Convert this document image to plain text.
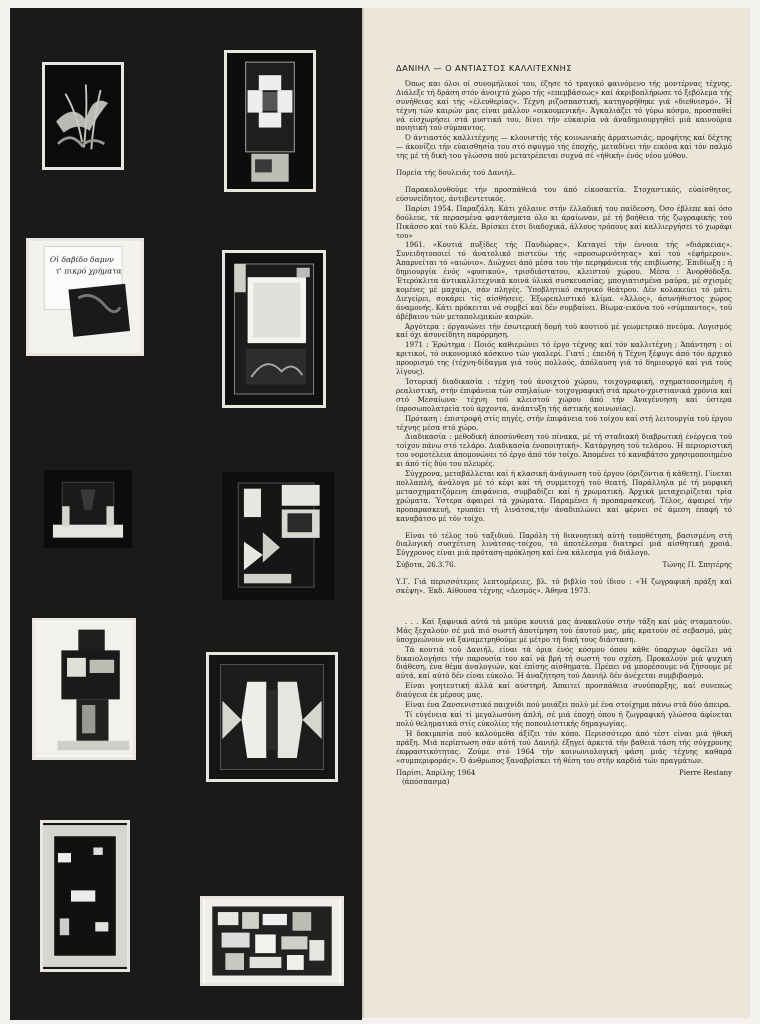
Οἱ δαβίδο δαμνν
τ' πικρό χρήματα
ΔΑΝΙΗΛ — Ο ΑΝΤΙΑΣΤΟΣ ΚΑΛΛΙΤΕΧΝΗΣ

Όπως και όλοι οί συνομήλικοί του, έζησε τό τραγικό φαινόμενο τής μοντέρνας τέχνης. Διάλεξε τή δράση στόν άνοιχτό χώρο τής «επεμβάσεως» καί άκριβοπλήρωσε τό ξεβόλεμα τής συνήθειας καί τής «έλευθερίας». Τέχνη ριζοσπαστική, κατηγορήθηκε γιά «διεθνισμό». Ή τέχνη τών καιρών μας είναι μάλλον «οικουμενική». Άγκαλιάζει τό γύρω κόσμο, προσπαθεί νά είσχωρήσει στά μυστικά του, δίνει τήν εύκαιρία νά άναδημιουργηθεί μιά καινούρια ποιητική τού σύμπαντος.

Ό άντιαστός καλλιτέχνης — κλονιστής τής κοινωνικής άρματωσιάς, προφήτης καί δέχτης — άκονίζει τήν εύαισθησία του στό σφυγμό τής έποχής, μεταδίνει τήν εικόνα καί τόν παλμό της μέ τή δική του γλώσσα πού μετατρέπεται συχνά σέ «ήθική» ένός νέου μύθου.

Πορεία τής δουλειάς τού Δανιήλ.

Παρακολουθούμε τήν προσπάθειά του άπό είκοσαετία. Στοχαστικός, εύαίσθητος, εύσυνείδητος, άντιβεντετικός.

Παρίσι 1954. Παραζάλη. Κάτι χόλαινε στήν έλλαδική του παίδευση. Όσο έβλεπε καί όσο δούλευε, τά περασμένα φαντάσματα όλο κι άραίωναν, μέ τή βοήθεια τής ζωγραφικής τού Πικάσσο καί τού Κλέε. Βρίσκει έτσι διαδοχικά, άλλους τρόπους καί καλλιεργήσει τό χωράφι του»

1961. «Κουτιά πυξίδες τής Πανδώρας». Καταγεί τήν έννοια τής «διάρκειας». Συνειδητοποιεί τό άνατολικό πιστεύω τής «προσωρινότητας» καί τού «έφήμερου». Άπαρνείται τό «αιώνιο». Διώχνει άπό μέσα του τήν περηφάνεια τής επιβίωσης. Έπιδίωξη : ή δημιουργία ένός «φυσικού», τρισδιάστατου, κλειστού χώρου. Μέσα : Άνορθόδοξα. Έτερόκλιτα άντικαλλιτεχνικά κοινά ύλικά συσκευασίας, μπογιατισμένα μαύρα, μέ σχισμές κομένες μέ μαχαίρι, σάν πληγές. Ύποβλητικό σκηνικό θεάτρου. Δέν κολακεύει τό μάτι. Διεγείρει, σοκάρει τίς αίσθήσεις. Έξωρεαλιστικό κλίμα. «Άλλος», άσυνήθιστος χώρος άναμονής. Κάτι πρόκειται νά συμβεί καί δέν συμβαίνει. Βίωμα-εικόνα τού «σύμπαντος», τού άβέβαιου τών μεταπολεμικών καιρών.

Άργότερα : όργανώνει τήν έσωτερική δομή τού κουτιού μέ γεωμετρικό πνεύμα. Λογισμός καί όχι άσυνείδητη παρόρμηση.

1971 : Έρώτημα : Ποιός καθιερώνει τό έργο τέχνης καί τόν καλλιτέχνη ; Άπάντηση : οί κριτικοί, τό οικονομικό κόσκινο τών γκαλερί. Γιατί ; έπειδή ή Τέχνη ξέφυγε άπό τόν άρχικό προορισμό της (τέχνη-δίδαγμα γιά τούς πολλούς, άπόλαυση γιά τό δημιουργό καί γιά τούς λίγους).

Ίστορική διαδικασία : τέχνη τού άνοιχτού χώρου, τοιχογραφική, σχηματοποιημένη ή ρεαλιστική, στήν έπιφάνεια τών σπηλαίων· τοιχογραφική στά πρωτο-χριστιανικά χρόνια καί στό Μεσαίωνα· τέχνη τού κλειστού χώρου άπό τήν Άναγέννηση καί ύστερα (προσωπολατρεία τού άρχοντα, άνάπτυξη τής άστικής κοινωνίας).

Πρόταση : έπιστροφή στίς πηγές, στήν έπιφάνεια τού τοίχου καί στή λειτουργία τού έργου τέχνης μέσα στό χώρο.

Διαδικασία : μεθοδική άποσύνθεση τού πίνακα, μέ τή σταδιακή διαβρωτική ένέργεια τού τοίχου πάνω στό τελάρο. Διαδικασία ένοποιητική». Κατάργηση τού τελάρου. Ή περιοριστική του νομοτέλεια άπομονώνει τό έργο άπό τόν τοίχο. Άπομένει τό καναβάτσο χρησιμοποιημένο κι άπό τίς δύο του πλευρές.

Σύγχρονα, μεταβάλλεται καί ή κλασική άνάγνωση τού έργου (όριζόντια ή κάθετη). Γίνεται πολλαπλή, άνάλογα μέ τό κέφι καί τή συμμετοχή τού θεατή. Παράλληλα μέ τή μορφική μετασχηματιζόμενη έπιφάνεια, συμβαδίζει καί ή χρωματική. Άρχικά μεταχειρίζεται τρία χρώματα. Ύστερα άφαιρεί τά χρώματα. Παραμένει ή προπαρασκευή. Τέλος, άφαιρεί τήν προπαρασκευή, τρυπάει τή λινάτσα,τήν άναδιπλώνει καί φέρνει σέ άμεση έπαφή τό καναβάτσο μέ τόν τοίχο.

Είναι τό τέλος τού ταξιδιού. Παρόλη τή διανοητική αύτή τοποθέτηση, βασισμένη στή διαλογική συσχέτιση λινάτσας-τοίχου, τό άποτέλεσμα διατηρεί μιά αίσθητική χροιά. Σύγχρονος είναι μιά πρόταση-πρόκληση καί ένα κάλεσμα γιά διάλογο.

Σύβοτα, 26.3.76.	Τώνης Π. Σπητέρης

Υ.Γ. Γιά περισσότερες λεπτομέρειες, βλ. τό βιβλίο τού ίδιου : «Ή ζωγραφική πράξη καί σκέψη». Έκδ. Αίθουσα τέχνης «Δεσμός». Άθηνα 1973.

. . . Καί ξαφνικά αύτά τά μαύρα κουτιά μας άνακαλούν στήν τάξη καί μάς σταματούν. Μάς ξεχαλούν σέ μιά πιό σωστή άποτίμηση τού έαυτού μας, μάς κρατούν σέ σεβασμό, μάς ύποχρεώνουν νά ξαναμετρηθούμε μέ μέτρο τή δική τους διάσταση.

Τά κουτιά τού Δανιήλ, είναι τά όρια ένός κόσμου όπου κάθε ύπαρχων όφείλει νά δικαιολογήσει τήν παρουσία του καί νά βρή τή σωστή του σχέση. Προκαλούν μιά ψυχική διάθεση, ένα θέμα άναλογιών, καί έπίσης αίσθηματα. Πρέπει νά μπορέσουμε νά ζήσουμε μέ αύτά, καί αύτό δέν είναι εύκολο. Ή άναζήτηση τού Δανιήλ δέν άνέχεται συμβιβασμό.

Είναι γοητευτική άλλά καί αύστηρή. Άπαιτεί προσπάθεια συνύπαρξης, καί συνεπώς διαύγεια έκ μέρους μας.

Είναι ένα Ζανσενιστικό παιχνίδι πού μοιάζει πολύ μέ ένα στοίχημα πάνω στά δύο άπειρα.

Τί εύγένεια καί τί μεγαλωσύνη άπλή, σέ μιά έποχή όπου ή ζωγραφική γλώσσα άφίνεται πολύ θεληματικά στίς εύκολίες τής ποπουλιστικής δημαγωγίας.

Ή δοκιμασία πού καλούμεθα άξίζει τόν κόπο. Περισσότερο άπό τέστ είναι μιά ήθική πράξη. Μιά περίπτωση σάν αύτή τού Δανιήλ έξηγεί άρκετά τήν βαθειά τάση τής σύγχρονης έκφραστικότητας. Ζούμε στό 1964 τήν κοινωνιολογική φάση μιάς τέχνης καθαρά «συμπεριφοράς». Ό άνθρωπος ξαναβρίσκει τή θέση του στήν καρδιά τών πραγμάτων.

Παρίσι, Άπρίλης 1964
(άπόσπασμα)
Pierre Restany
